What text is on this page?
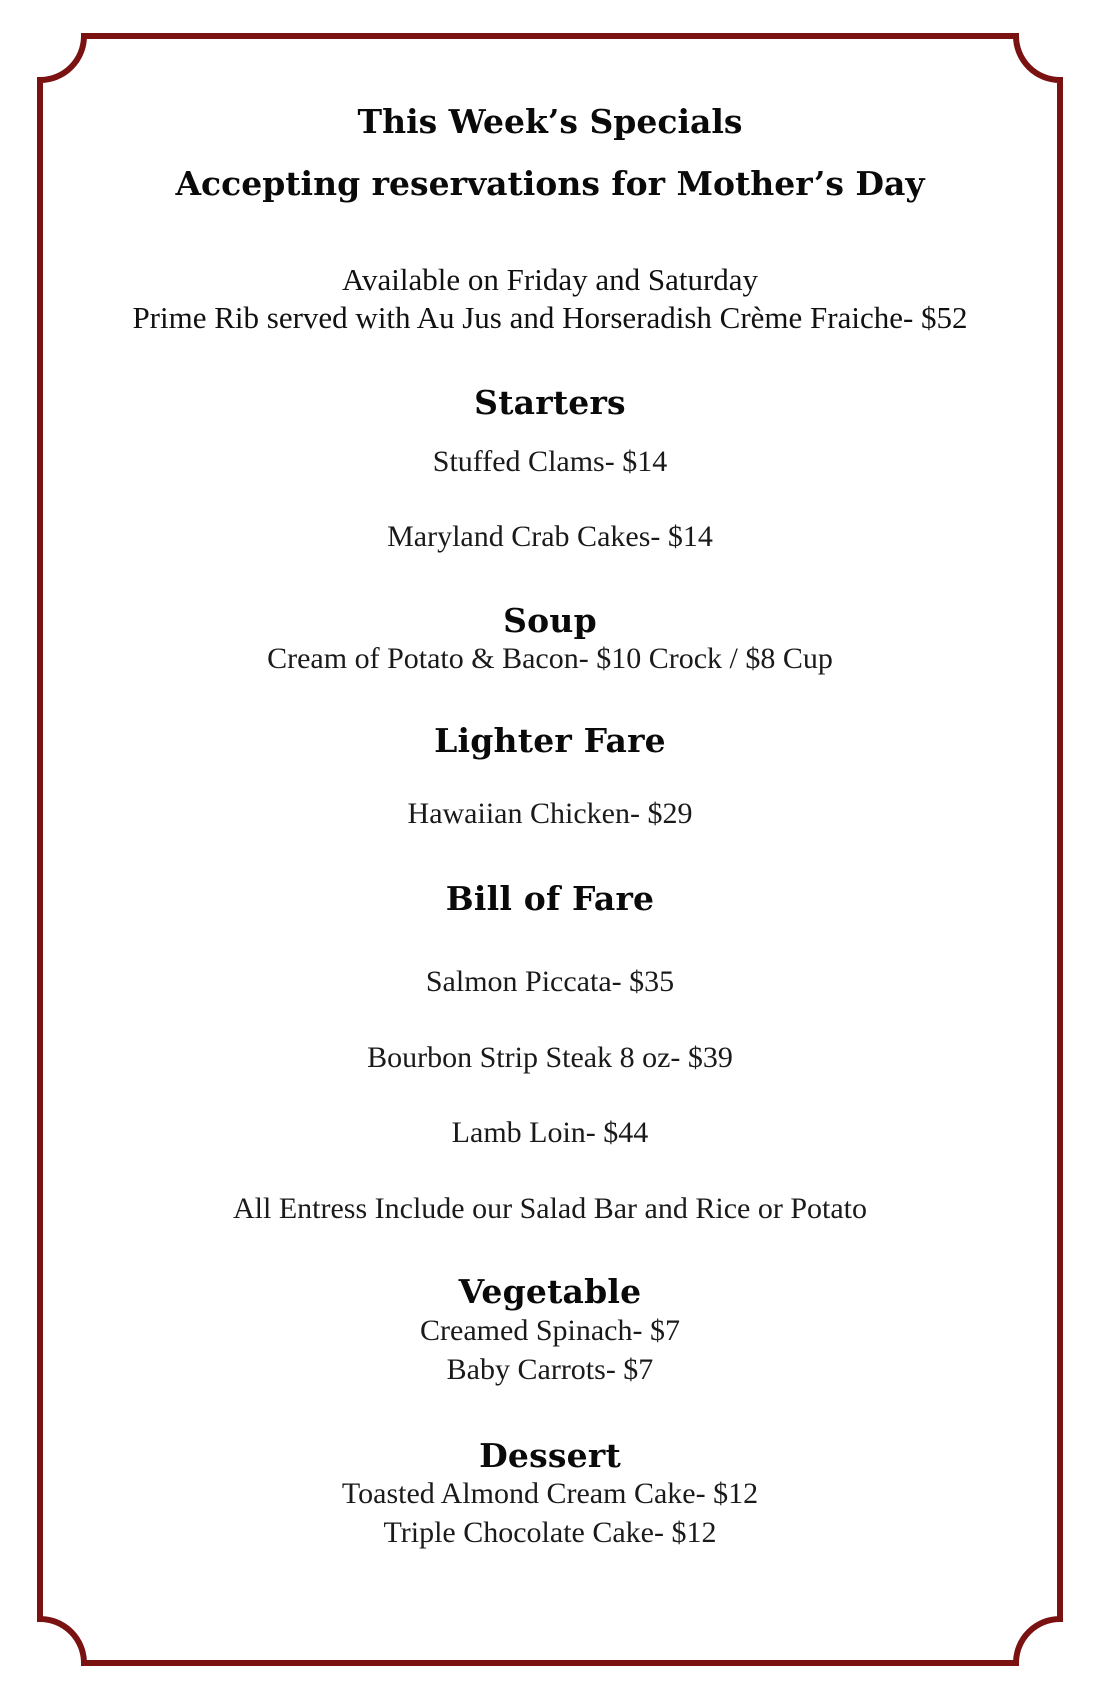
This Week’s Specials
Accepting reservations for Mother’s Day
Available on Friday and Saturday
Prime Rib served with Au Jus and Horseradish Crème Fraiche- $52
Starters
Stuffed Clams- $14
Maryland Crab Cakes- $14
Soup
Cream of Potato & Bacon- $10 Crock / $8 Cup
Lighter Fare
Hawaiian Chicken- $29
Bill of Fare
Salmon Piccata- $35
Bourbon Strip Steak 8 oz- $39
Lamb Loin- $44
All Entress Include our Salad Bar and Rice or Potato
Vegetable
Creamed Spinach- $7
Baby Carrots- $7
Dessert
Toasted Almond Cream Cake- $12
Triple Chocolate Cake- $12
